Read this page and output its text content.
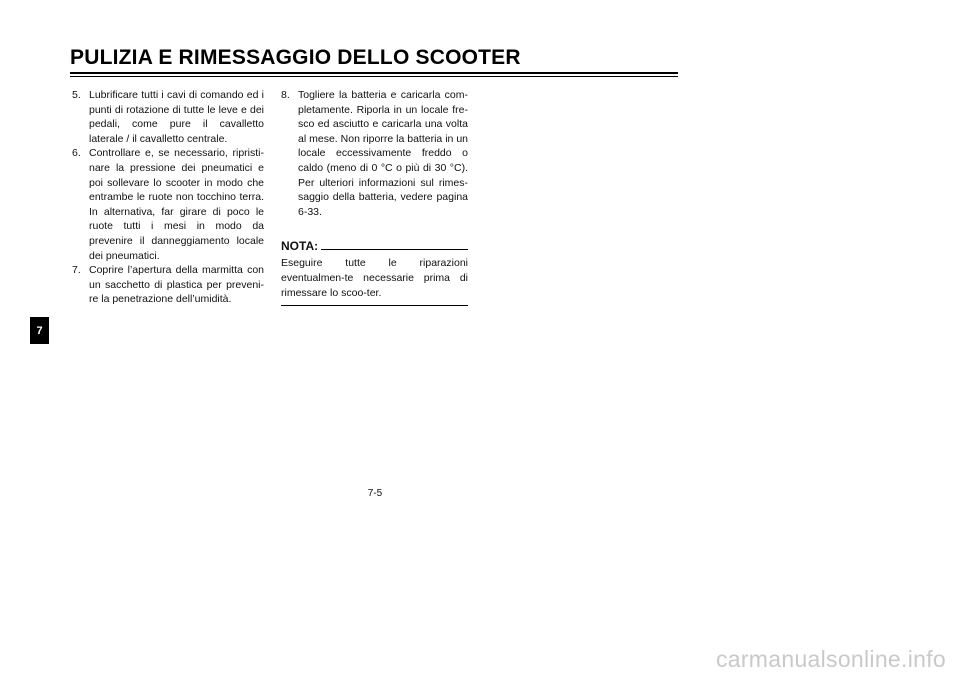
PULIZIA E RIMESSAGGIO DELLO SCOOTER

5. Lubrificare tutti i cavi di comando ed i punti di rotazione di tutte le leve e dei pedali, come pure il cavalletto laterale / il cavalletto centrale.

6. Controllare e, se necessario, ripristi-nare la pressione dei pneumatici e poi sollevare lo scooter in modo che entrambe le ruote non tocchino terra. In alternativa, far girare di poco le ruote tutti i mesi in modo da prevenire il danneggiamento locale dei pneumatici.

7. Coprire l’apertura della marmitta con un sacchetto di plastica per preveni-re la penetrazione dell’umidità.

8. Togliere la batteria e caricarla com-pletamente. Riporla in un locale fre-sco ed asciutto e caricarla una volta al mese. Non riporre la batteria in un locale eccessivamente freddo o caldo (meno di 0 °C o più di 30 °C). Per ulteriori informazioni sul rimes-saggio della batteria, vedere pagina 6-33.

NOTA:
Eseguire tutte le riparazioni eventualmen-te necessarie prima di rimessare lo scoo-ter.
7
7-5
carmanualsonline.info
